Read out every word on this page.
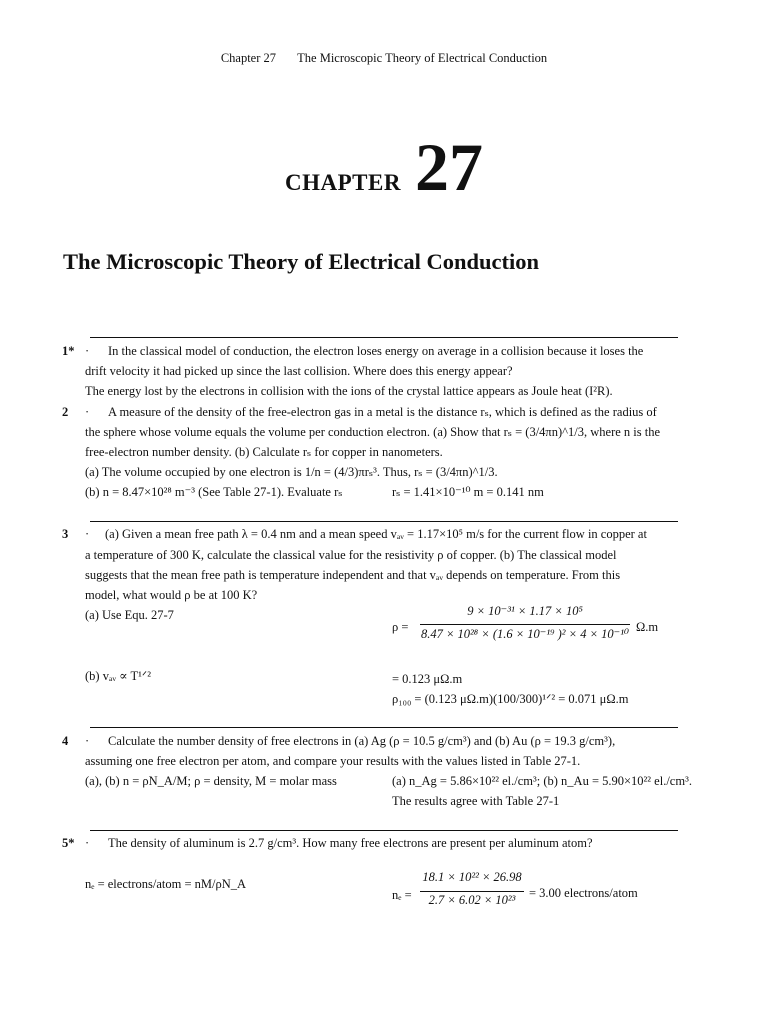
Chapter 27 The Microscopic Theory of Electrical Conduction
CHAPTER 27
The Microscopic Theory of Electrical Conduction
1* · In the classical model of conduction, the electron loses energy on average in a collision because it loses the
drift velocity it had picked up since the last collision. Where does this energy appear?
The energy lost by the electrons in collision with the ions of the crystal lattice appears as Joule heat (I²R).
2 · A measure of the density of the free-electron gas in a metal is the distance rₛ, which is defined as the radius of
the sphere whose volume equals the volume per conduction electron. (a) Show that rₛ = (3/4πn)^1/3, where n is the
free-electron number density. (b) Calculate rₛ for copper in nanometers.
(a) The volume occupied by one electron is 1/n = (4/3)πrₛ³. Thus, rₛ = (3/4πn)^1/3.
(b) n = 8.47×10²⁸ m⁻³ (See Table 27-1). Evaluate rₛ	rₛ = 1.41×10⁻¹⁰ m = 0.141 nm
3 · (a) Given a mean free path λ = 0.4 nm and a mean speed vₐᵥ = 1.17×10⁵ m/s for the current flow in copper at
a temperature of 300 K, calculate the classical value for the resistivity ρ of copper. (b) The classical model
suggests that the mean free path is temperature independent and that vₐᵥ depends on temperature. From this
model, what would ρ be at 100 K?
(a) Use Equ. 27-7
ρ =
9 × 10⁻³¹ × 1.17 × 10⁵
8.47 × 10²⁸ × (1.6 × 10⁻¹⁹ )² × 4 × 10⁻¹⁰ Ω.m
(b) vₐᵥ ∝ T¹ᐟ²	= 0.123 μΩ.m
ρ₁₀₀ = (0.123 μΩ.m)(100/300)¹ᐟ² = 0.071 μΩ.m
4 · Calculate the number density of free electrons in (a) Ag (ρ = 10.5 g/cm³) and (b) Au (ρ = 19.3 g/cm³),
assuming one free electron per atom, and compare your results with the values listed in Table 27-1.
(a), (b) n = ρN_A/M; ρ = density, M = molar mass	(a) n_Ag = 5.86×10²² el./cm³; (b) n_Au = 5.90×10²² el./cm³.
The results agree with Table 27-1
5* · The density of aluminum is 2.7 g/cm³. How many free electrons are present per aluminum atom?
nₑ = electrons/atom = nM/ρN_A
nₑ =
18.1 × 10²² × 26.98
2.7 × 6.02 × 10²³	= 3.00 electrons/atom
